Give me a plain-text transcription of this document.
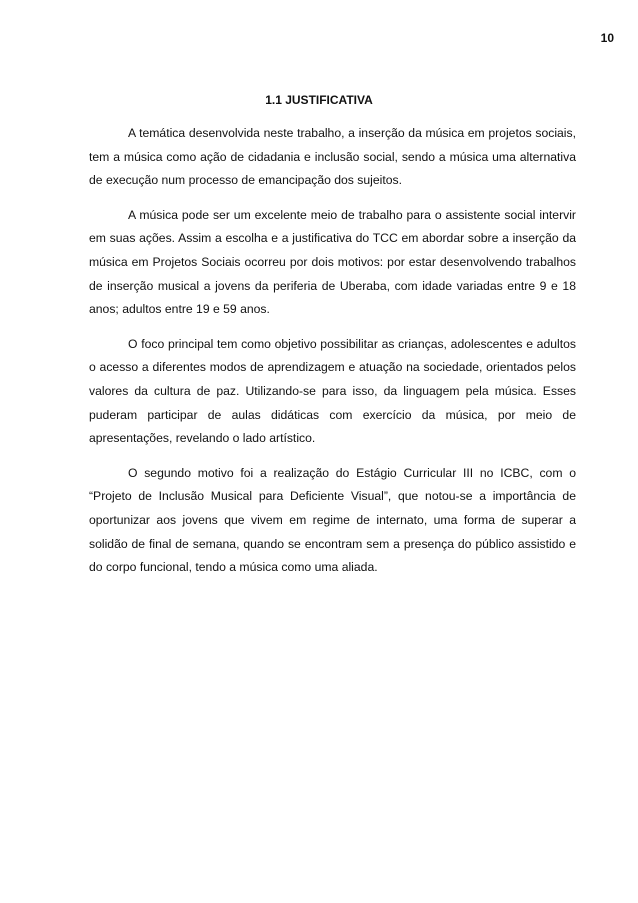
10
1.1 JUSTIFICATIVA

A temática desenvolvida neste trabalho, a inserção da música em projetos sociais, tem a música como ação de cidadania e inclusão social, sendo a música uma alternativa de execução num processo de emancipação dos sujeitos.

A música pode ser um excelente meio de trabalho para o assistente social intervir em suas ações. Assim a escolha e a justificativa do TCC em abordar sobre a inserção da música em Projetos Sociais ocorreu por dois motivos: por estar desenvolvendo trabalhos de inserção musical a jovens da periferia de Uberaba, com idade variadas entre 9 e 18 anos; adultos entre 19 e 59 anos.

O foco principal tem como objetivo possibilitar as crianças, adolescentes e adultos o acesso a diferentes modos de aprendizagem e atuação na sociedade, orientados pelos valores da cultura de paz. Utilizando-se para isso, da linguagem pela música. Esses puderam participar de aulas didáticas com exercício da música, por meio de apresentações, revelando o lado artístico.

O segundo motivo foi a realização do Estágio Curricular III no ICBC, com o “Projeto de Inclusão Musical para Deficiente Visual”, que notou-se a importância de oportunizar aos jovens que vivem em regime de internato, uma forma de superar a solidão de final de semana, quando se encontram sem a presença do público assistido e do corpo funcional, tendo a música como uma aliada.
